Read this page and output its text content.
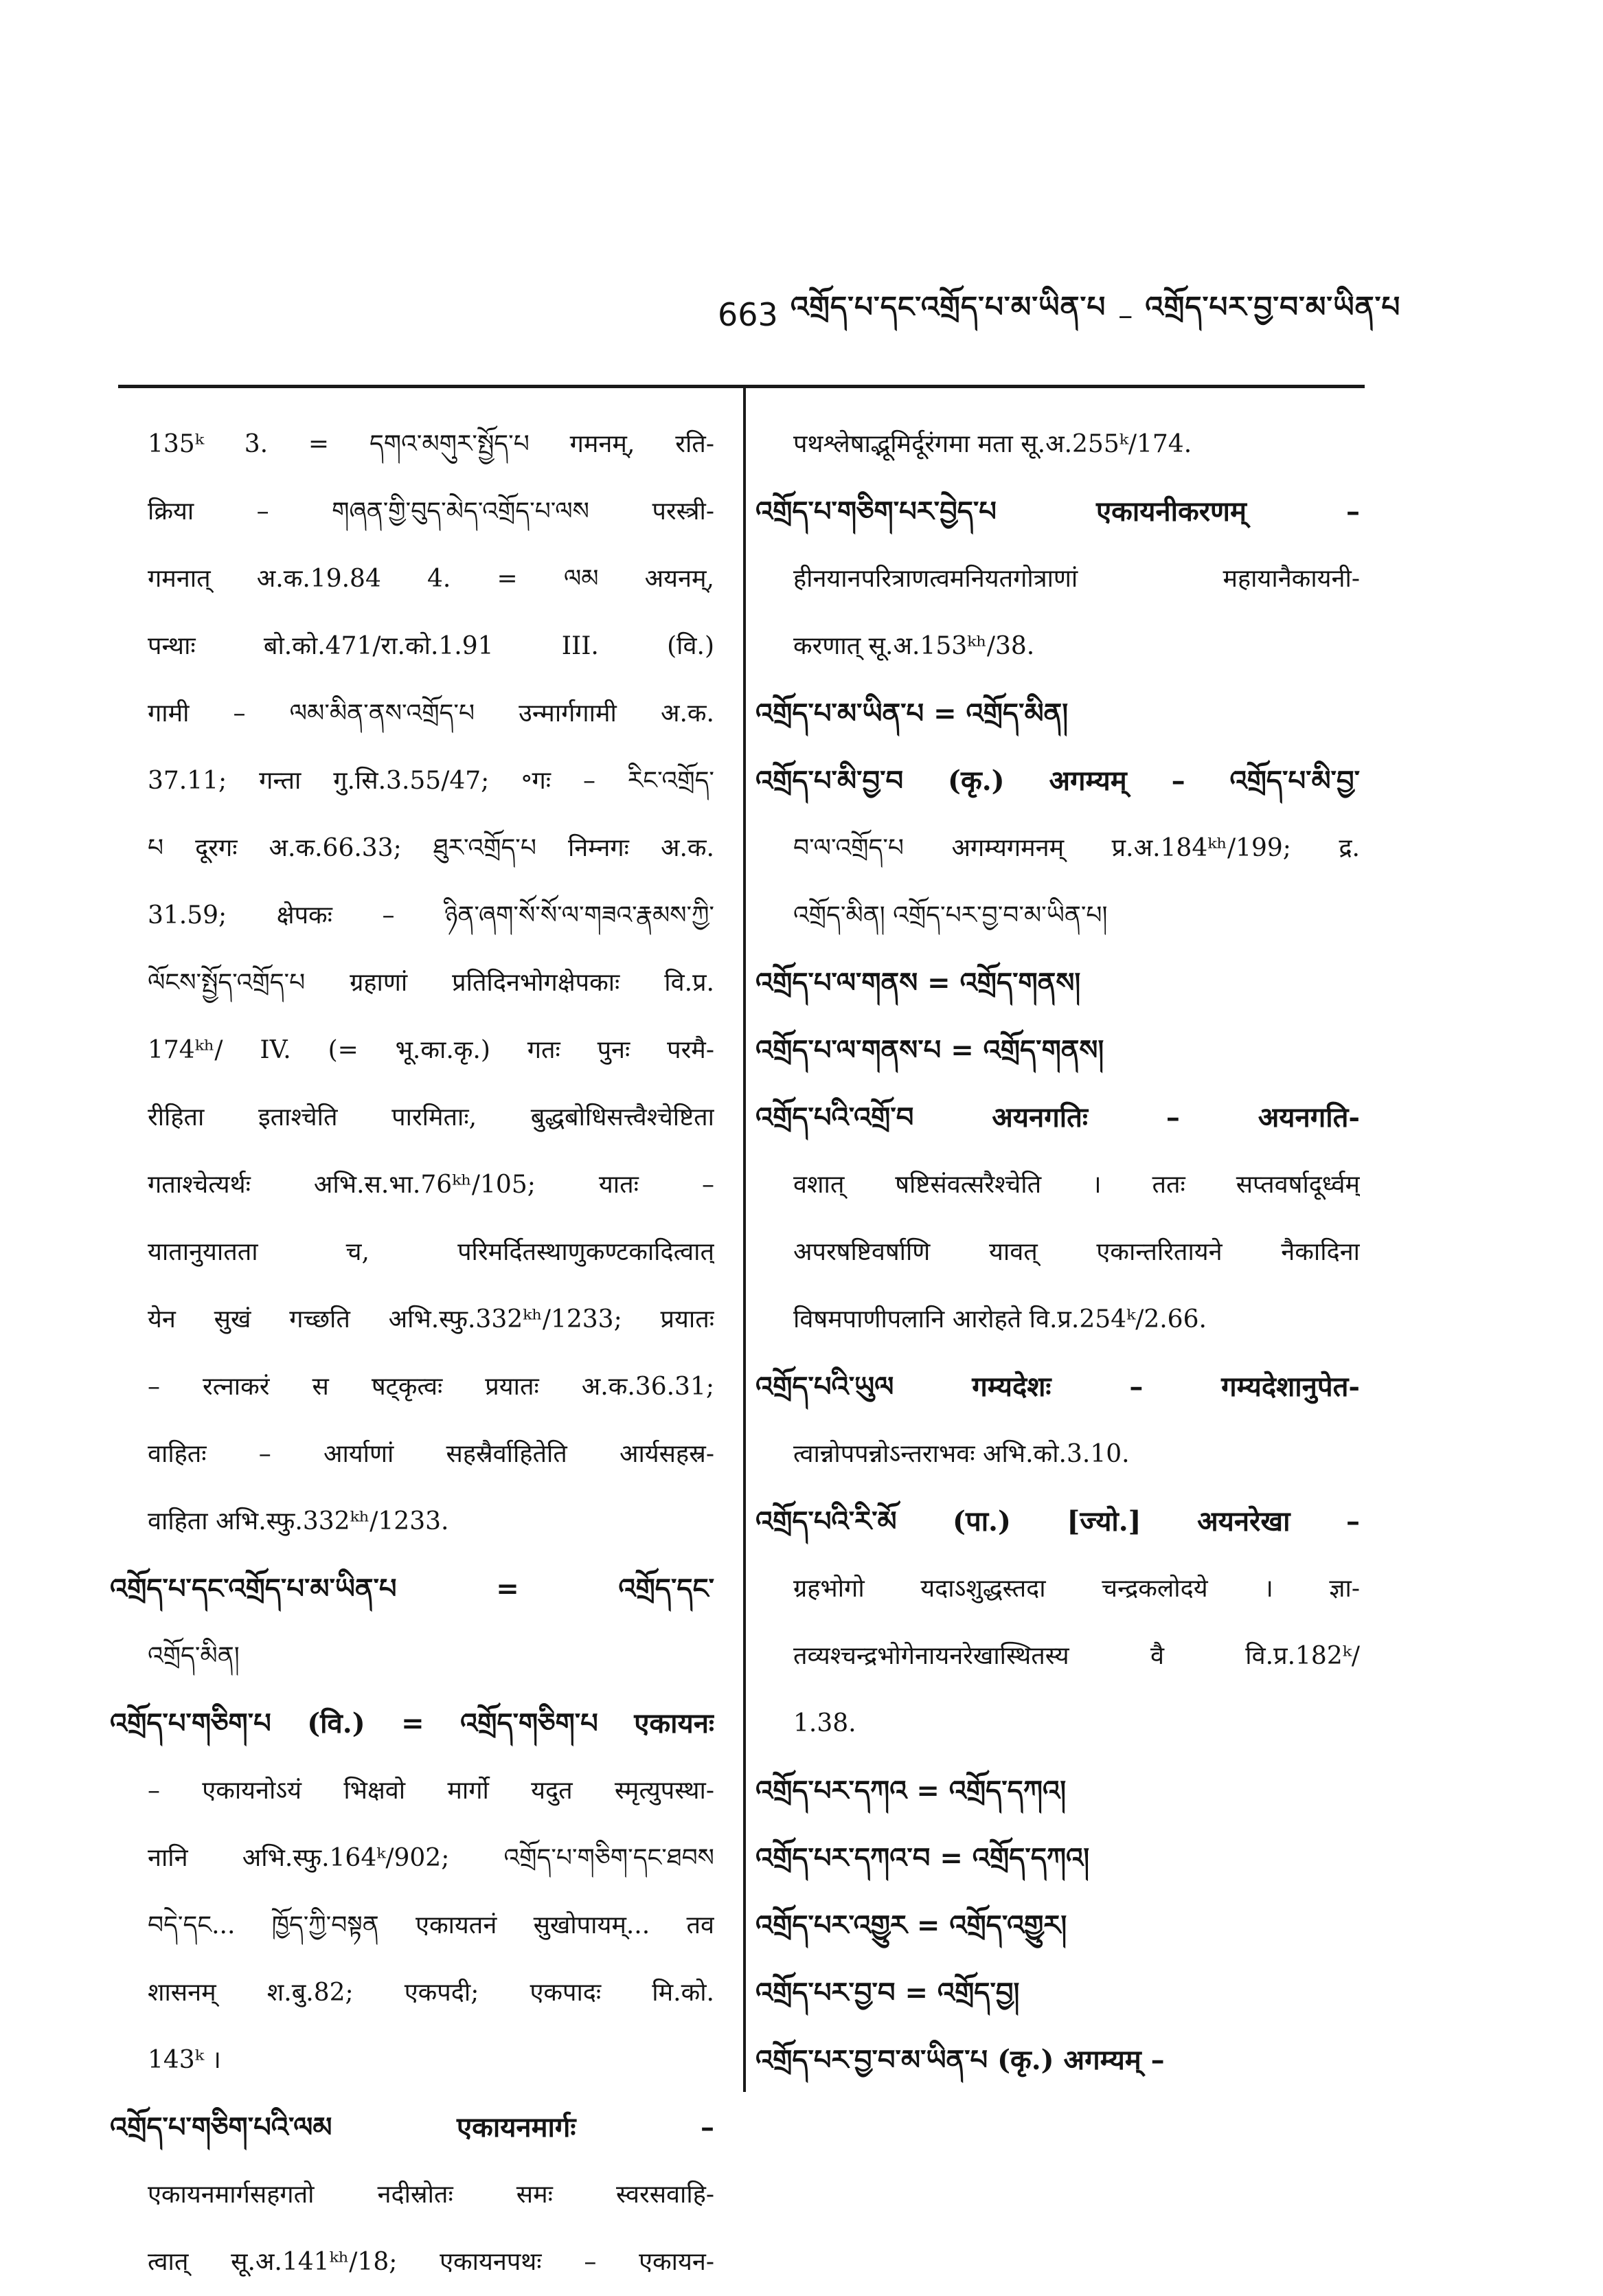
663 འགྲོད་པ་དང་འགྲོད་པ་མ་ཡིན་པ – འགྲོད་པར་བྱ་བ་མ་ཡིན་པ
135ᵏ 3. = དགའ་མགུར་སྤྱོད་པ गमनम्, रति-
क्रिया – གཞན་གྱི་བུད་མེད་འགྲོད་པ་ལས परस्त्री-
गमनात् अ.क.19.84 4. = ལམ अयनम्,
पन्थाः बो.को.471/रा.को.1.91 III. (वि.)
गामी – ལམ་མིན་ནས་འགྲོད་པ उन्मार्गगामी अ.क.
37.11; गन्ता गु.सि.3.55/47; ॰गः – རིང་འགྲོད་
པ दूरगः अ.क.66.33; ཐུར་འགྲོད་པ निम्नगः अ.क.
31.59; क्षेपकः – ཉིན་ཞག་སོ་སོ་ལ་གཟའ་རྣམས་ཀྱི་
ལོངས་སྤྱོད་འགྲོད་པ ग्रहाणां प्रतिदिनभोगक्षेपकाः वि.प्र.
174ᵏʰ/ IV. (= भू.का.कृ.) गतः पुनः परमै-
रीहिता इताश्चेति पारमिताः, बुद्धबोधिसत्त्वैश्चेष्टिता
गताश्चेत्यर्थः अभि.स.भा.76ᵏʰ/105; यातः –
यातानुयातता च, परिमर्दितस्थाणुकण्टकादित्वात्
येन सुखं गच्छति अभि.स्फु.332ᵏʰ/1233; प्रयातः
– रत्नाकरं स षट्कृत्वः प्रयातः अ.क.36.31;
वाहितः – आर्याणां सहस्रैर्वाहितेति आर्यसहस्र-
वाहिता अभि.स्फु.332ᵏʰ/1233.
འགྲོད་པ་དང་འགྲོད་པ་མ་ཡིན་པ = འགྲོད་དང་
འགྲོད་མིན།
འགྲོད་པ་གཅིག་པ (वि.) = འགྲོད་གཅིག་པ एकायनः
– एकायनोऽयं भिक्षवो मार्गो यदुत स्मृत्युपस्था-
नानि अभि.स्फु.164ᵏ/902; འགྲོད་པ་གཅིག་དང་ཐབས
བདེ་དང... ཁྱོད་ཀྱི་བསྟན एकायतनं सुखोपायम्... तव
शासनम् श.बु.82; एकपदी; एकपादः मि.को.
143ᵏ ।
འགྲོད་པ་གཅིག་པའི་ལམ एकायनमार्गः –
एकायनमार्गसहगतो नदीस्रोतः समः स्वरसवाहि-
त्वात् सू.अ.141ᵏʰ/18; एकायनपथः – एकायन-
पथश्लेषाद्भूमिर्दूरंगमा मता सू.अ.255ᵏ/174.
འགྲོད་པ་གཅིག་པར་བྱེད་པ एकायनीकरणम् –
हीनयानपरित्राणत्वमनियतगोत्राणां महायानैकायनी-
करणात् सू.अ.153ᵏʰ/38.
འགྲོད་པ་མ་ཡིན་པ = འགྲོད་མིན།
འགྲོད་པ་མི་བྱ་བ (कृ.) अगम्यम् – འགྲོད་པ་མི་བྱ་
བ་ལ་འགྲོད་པ अगम्यगमनम् प्र.अ.184ᵏʰ/199; द्र.
འགྲོད་མིན། འགྲོད་པར་བྱ་བ་མ་ཡིན་པ།
འགྲོད་པ་ལ་གནས = འགྲོད་གནས།
འགྲོད་པ་ལ་གནས་པ = འགྲོད་གནས།
འགྲོད་པའི་འགྲོ་བ अयनगतिः – अयनगति-
वशात् षष्टिसंवत्सरैश्चेति । ततः सप्तवर्षादूर्ध्वम्
अपरषष्टिवर्षाणि यावत् एकान्तरितायने नैकादिना
विषमपाणीपलानि आरोहते वि.प्र.254ᵏ/2.66.
འགྲོད་པའི་ཡུལ गम्यदेशः – गम्यदेशानुपेत-
त्वान्नोपपन्नोऽन्तराभवः अभि.को.3.10.
འགྲོད་པའི་རི་མོ (पा.) [ज्यो.] अयनरेखा –
ग्रहभोगो यदाऽशुद्धस्तदा चन्द्रकलोदये । ज्ञा-
तव्यश्चन्द्रभोगेनायनरेखास्थितस्य वै वि.प्र.182ᵏ/
1.38.
འགྲོད་པར་དཀའ = འགྲོད་དཀའ།
འགྲོད་པར་དཀའ་བ = འགྲོད་དཀའ།
འགྲོད་པར་འགྱུར = འགྲོད་འགྱུར།
འགྲོད་པར་བྱ་བ = འགྲོད་བྱ།
འགྲོད་པར་བྱ་བ་མ་ཡིན་པ (कृ.) अगम्यम् –
